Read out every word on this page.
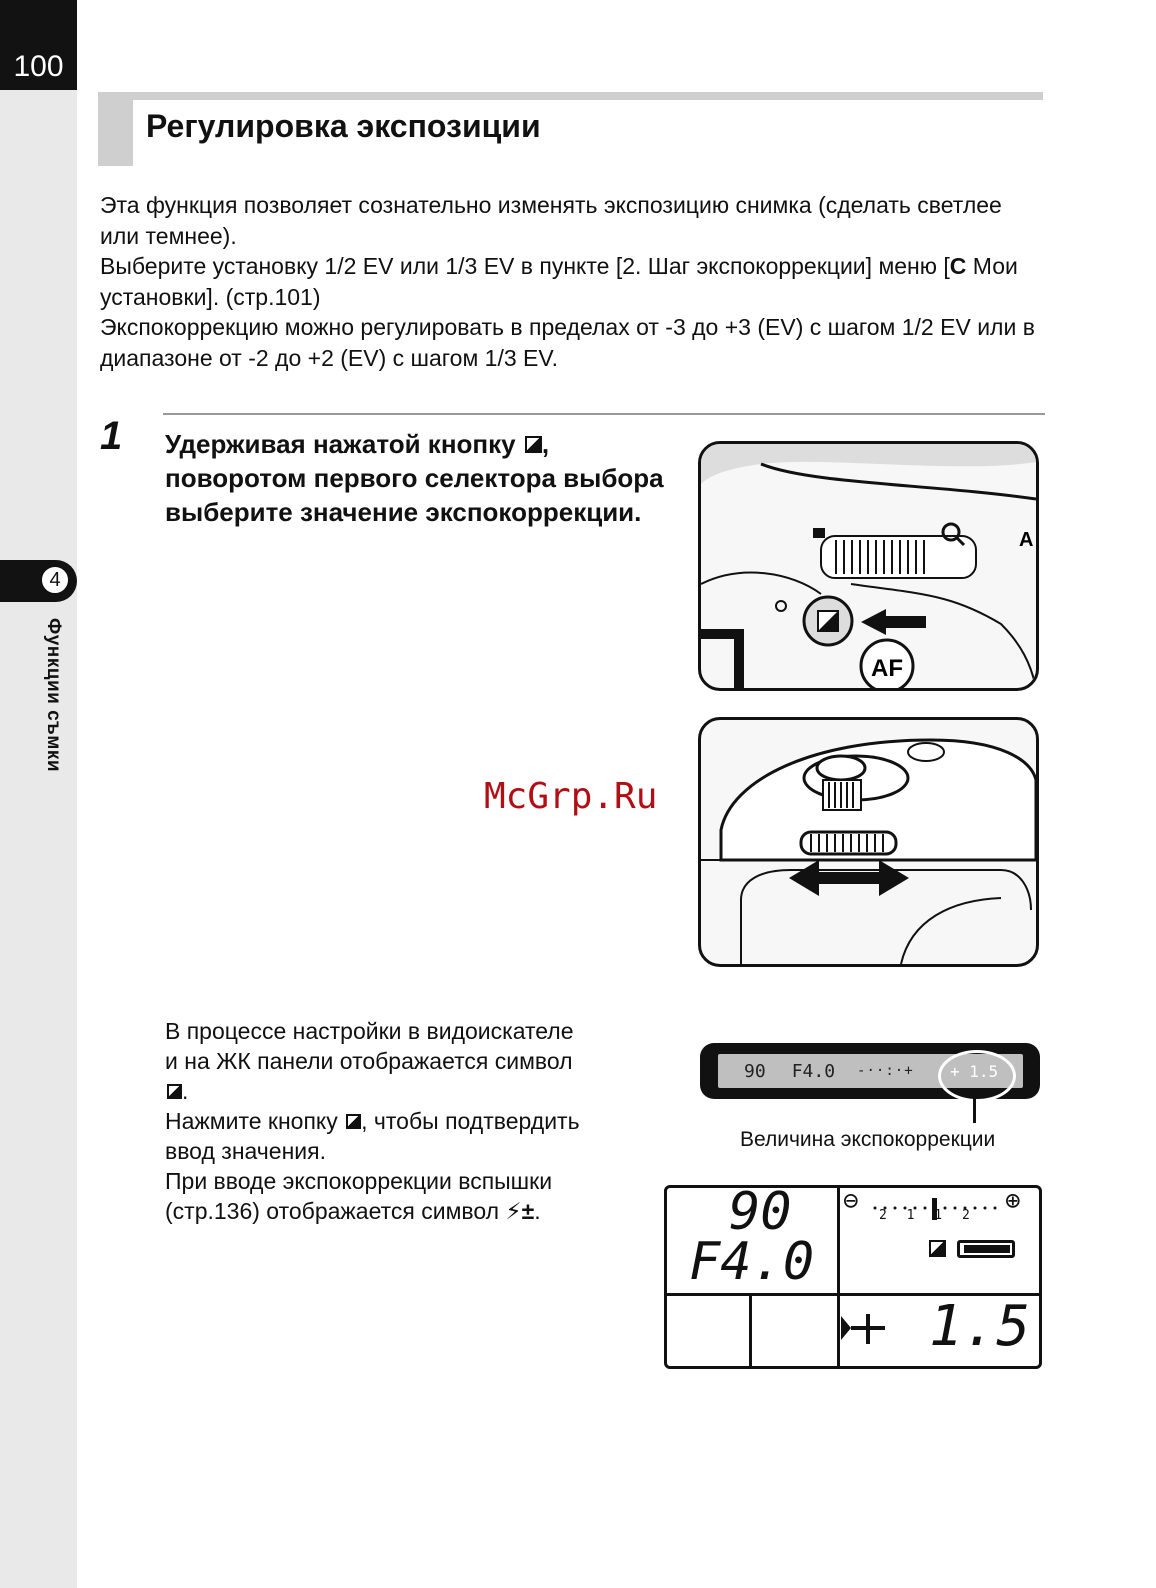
100
4
Функции съмки
Регулировка экспозиции

Эта функция позволяет сознательно изменять экспозицию снимка (сделать светлее или темнее).

Выберите установку 1/2 EV или 1/3 EV в пункте [2. Шаг экспокоррекции] меню [C Мои установки]. (стр.101)

Экспокоррекцию можно регулировать в пределах от -3 до +3 (EV) с шагом 1/2 EV или в диапазоне от -2 до +2 (EV) с шагом 1/3 EV.

1 Удерживая нажатой кнопку , поворотом первого селектора выбора выберите значение экспокоррекции.
A
AF
McGrp.Ru

В процессе настройки в видоискателе и на ЖК панели отображается символ .

Нажмите кнопку , чтобы подтвердить ввод значения.

При вводе экспокоррекции вспышки (стр.136) отображается символ ⚡±.

90 F4.0 -··:·+ + 1.5
Величина экспокоррекции
90
F4.0
⊖	⊕
2 1 1 2
1.5
